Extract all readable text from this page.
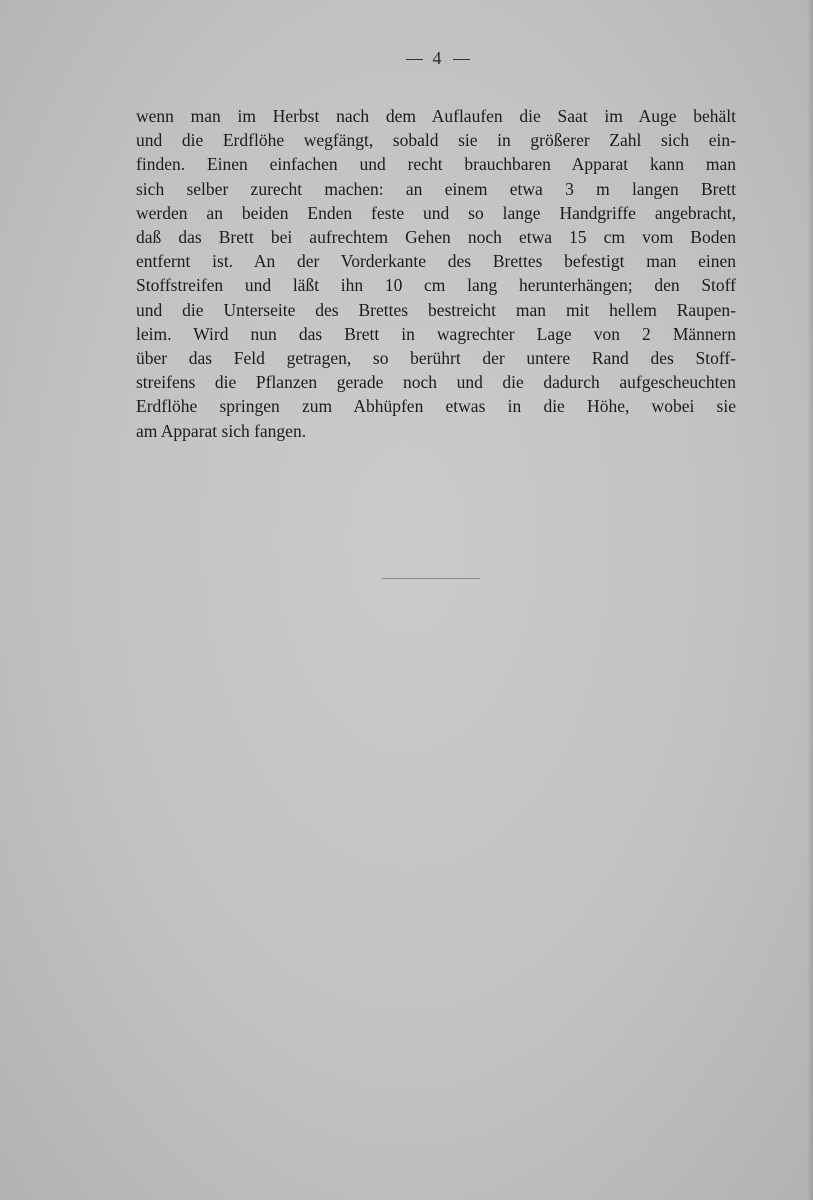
4
wenn man im Herbst nach dem Auflaufen die Saat im Auge behält
und die Erdflöhe wegfängt, sobald sie in größerer Zahl sich ein-
finden. Einen einfachen und recht brauchbaren Apparat kann man
sich selber zurecht machen: an einem etwa 3 m langen Brett
werden an beiden Enden feste und so lange Handgriffe angebracht,
daß das Brett bei aufrechtem Gehen noch etwa 15 cm vom Boden
entfernt ist. An der Vorderkante des Brettes befestigt man einen
Stoffstreifen und läßt ihn 10 cm lang herunterhängen; den Stoff
und die Unterseite des Brettes bestreicht man mit hellem Raupen-
leim. Wird nun das Brett in wagrechter Lage von 2 Männern
über das Feld getragen, so berührt der untere Rand des Stoff-
streifens die Pflanzen gerade noch und die dadurch aufgescheuchten
Erdflöhe springen zum Abhüpfen etwas in die Höhe, wobei sie
am Apparat sich fangen.
